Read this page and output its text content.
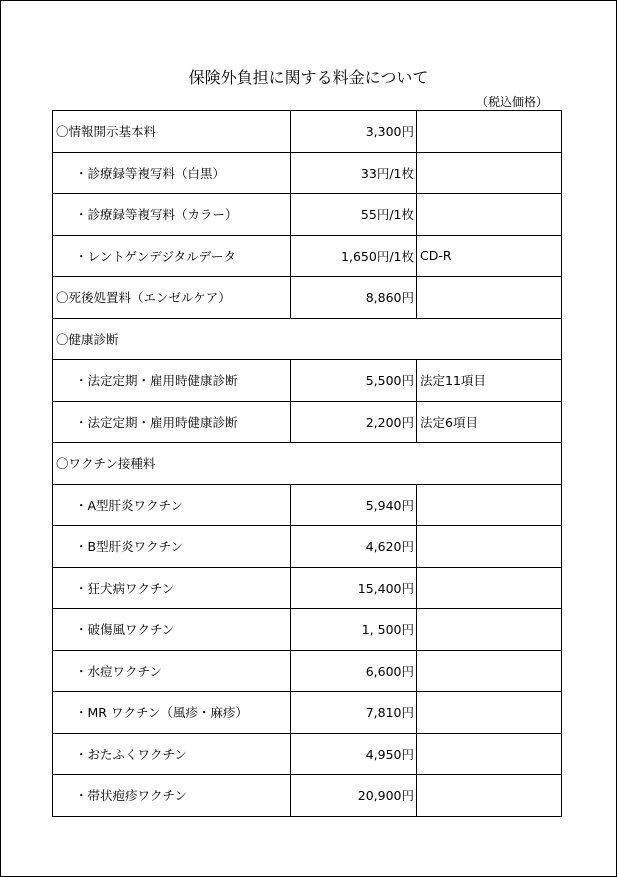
保険外負担に関する料金について
（税込価格）
〇情報開示基本料	3,300円	
・診療録等複写料（白黒）	33円/1枚	
・診療録等複写料（カラー）	55円/1枚	
・レントゲンデジタルデータ	1,650円/1枚	CD-R
〇死後処置料（エンゼルケア）	8,860円	
〇健康診断		
・法定定期・雇用時健康診断	5,500円	法定11項目
・法定定期・雇用時健康診断	2,200円	法定6項目
〇ワクチン接種料		
・A型肝炎ワクチン	5,940円	
・B型肝炎ワクチン	4,620円	
・狂犬病ワクチン	15,400円	
・破傷風ワクチン	1, 500円	
・水痘ワクチン	6,600円	
・MR ワクチン（風疹・麻疹）	7,810円	
・おたふくワクチン	4,950円	
・帯状疱疹ワクチン	20,900円	
